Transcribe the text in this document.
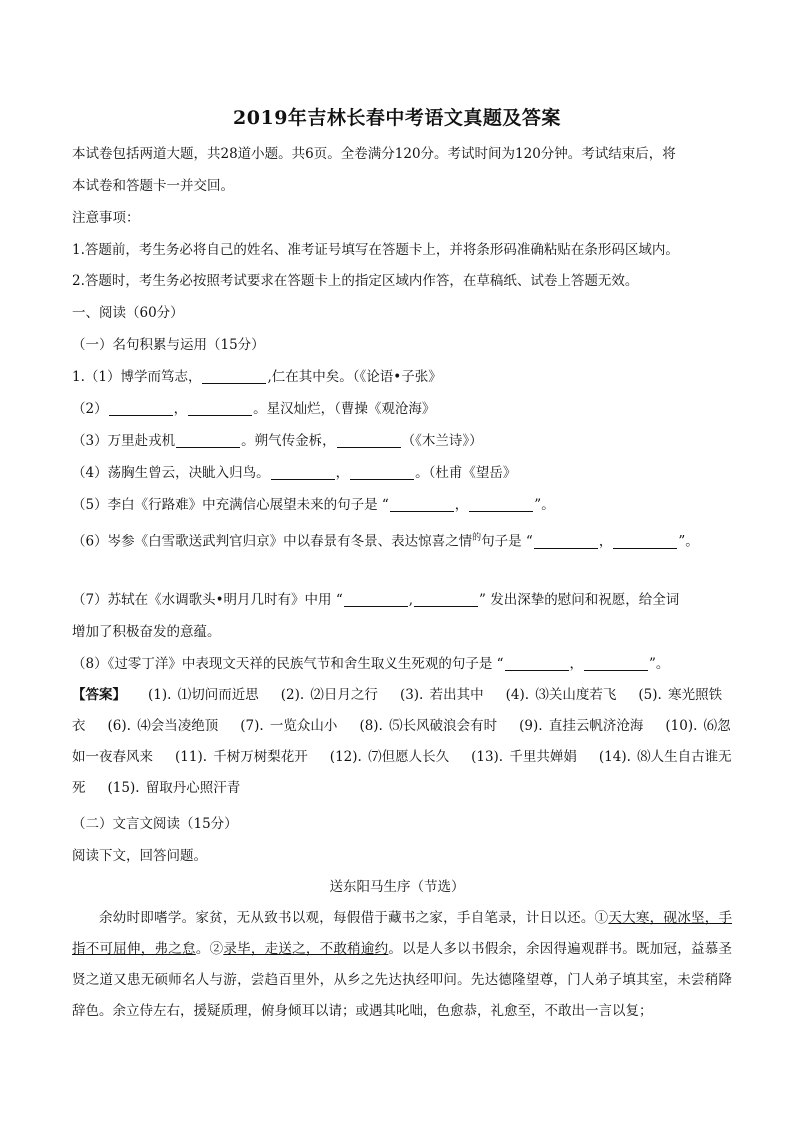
2019年吉林长春中考语文真题及答案
本试卷包括两道大题，共28道小题。共6页。全卷满分120分。考试时间为120分钟。考试结束后，将
本试卷和答题卡一并交回。
注意事项：
1.答题前，考生务必将自己的姓名、准考证号填写在答题卡上，并将条形码准确粘贴在条形码区域内。
2.答题时，考生务必按照考试要求在答题卡上的指定区域内作答，在草稿纸、试卷上答题无效。
一、阅读（60分）
（一）名句积累与运用（15分）
1.（1）博学而笃志，	,仁在其中矣。（《论语•子张》
（2）	，	。星汉灿烂，（曹操《观沧海》
（3）万里赴戎机	。朔气传金柝，	（《木兰诗》）
（4）荡胸生曾云，决眦入归鸟。	，	。（杜甫《望岳》
（5）李白《行路难》中充满信心展望未来的句子是 “	，	”。
（6）岑参《白雪歌送武判官归京》中以春景有冬景、表达惊喜之情$^的$句子是 “	，	”。
（7）苏轼在《水调歌头•明月几时有》中用 “	,	” 发出深挚的慰问和祝愿，给全词
增加了积极奋发的意蕴。
（8）《过零丁洋》中表现文天祥的民族气节和舍生取义生死观的句子是 “	，	”。
【答案】 (1). ⑴切问而近思 (2). ⑵日月之行 (3). 若出其中 (4). ⑶关山度若飞 (5). 寒光照铁衣 (6). ⑷会当凌绝顶 (7). 一览众山小 (8). ⑸长风破浪会有时 (9). 直挂云帆济沧海 (10). ⑹忽如一夜春风来 (11). 千树万树梨花开 (12). ⑺但愿人长久 (13). 千里共婵娟 (14). ⑻人生自古谁无死 (15). 留取丹心照汗青
（二）文言文阅读（15分）
阅读下文，回答问题。
送东阳马生序（节选）
余幼时即嗜学。家贫，无从致书以观，每假借于藏书之家，手自笔录，计日以还。①天大寒，砚冰坚，手指不可屈伸，弗之怠。②录毕，走送之，不敢稍逾约。以是人多以书假余，余因得遍观群书。既加冠，益慕圣贤之道又患无硕师名人与游，尝趋百里外，从乡之先达执经叩问。先达德隆望尊，门人弟子填其室，未尝稍降辞色。余立侍左右，援疑质理，俯身倾耳以请；或遇其叱咄，色愈恭，礼愈至，不敢出一言以复；
